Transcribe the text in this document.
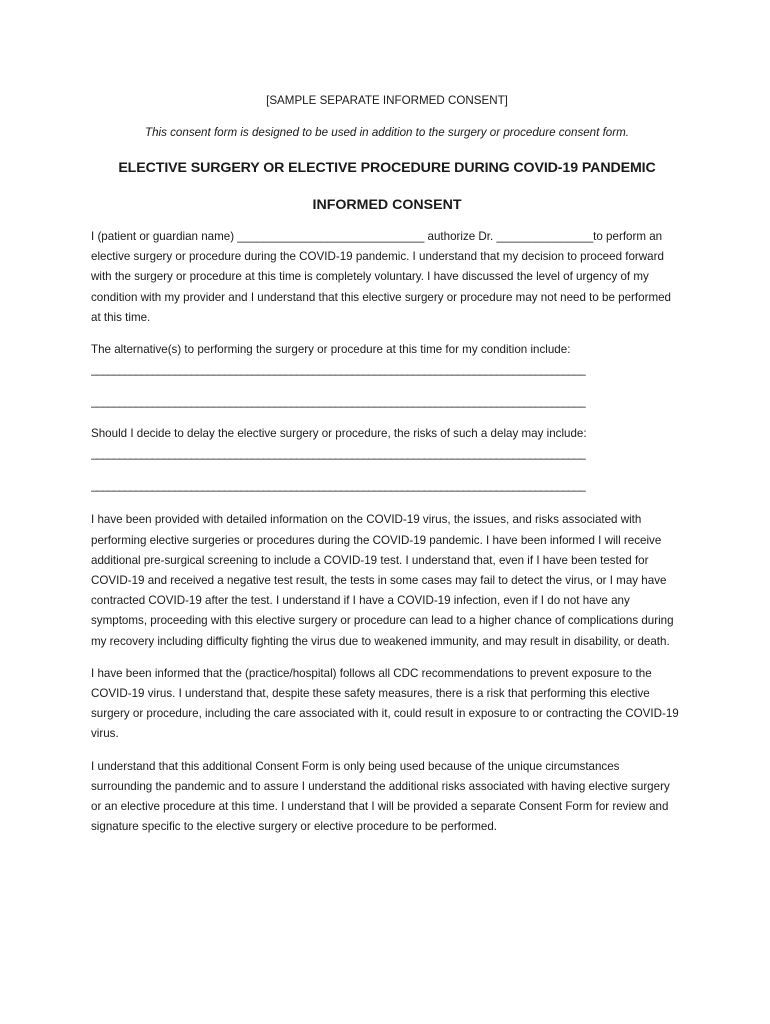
[SAMPLE SEPARATE INFORMED CONSENT]

This consent form is designed to be used in addition to the surgery or procedure consent form.

ELECTIVE SURGERY OR ELECTIVE PROCEDURE DURING COVID-19 PANDEMIC
INFORMED CONSENT

I (patient or guardian name) _____________________________ authorize Dr. _______________to perform an elective surgery or procedure during the COVID-19 pandemic. I understand that my decision to proceed forward with the surgery or procedure at this time is completely voluntary. I have discussed the level of urgency of my condition with my provider and I understand that this elective surgery or procedure may not need to be performed at this time.

The alternative(s) to performing the surgery or procedure at this time for my condition include:

_________________________________________________________________________________________

_________________________________________________________________________________________

Should I decide to delay the elective surgery or procedure, the risks of such a delay may include:

_________________________________________________________________________________________

_________________________________________________________________________________________

I have been provided with detailed information on the COVID-19 virus, the issues, and risks associated with performing elective surgeries or procedures during the COVID-19 pandemic. I have been informed I will receive additional pre-surgical screening to include a COVID-19 test. I understand that, even if I have been tested for COVID-19 and received a negative test result, the tests in some cases may fail to detect the virus, or I may have contracted COVID-19 after the test. I understand if I have a COVID-19 infection, even if I do not have any symptoms, proceeding with this elective surgery or procedure can lead to a higher chance of complications during my recovery including difficulty fighting the virus due to weakened immunity, and may result in disability, or death.

I have been informed that the (practice/hospital) follows all CDC recommendations to prevent exposure to the COVID-19 virus. I understand that, despite these safety measures, there is a risk that performing this elective surgery or procedure, including the care associated with it, could result in exposure to or contracting the COVID-19 virus.

I understand that this additional Consent Form is only being used because of the unique circumstances surrounding the pandemic and to assure I understand the additional risks associated with having elective surgery or an elective procedure at this time. I understand that I will be provided a separate Consent Form for review and signature specific to the elective surgery or elective procedure to be performed.
